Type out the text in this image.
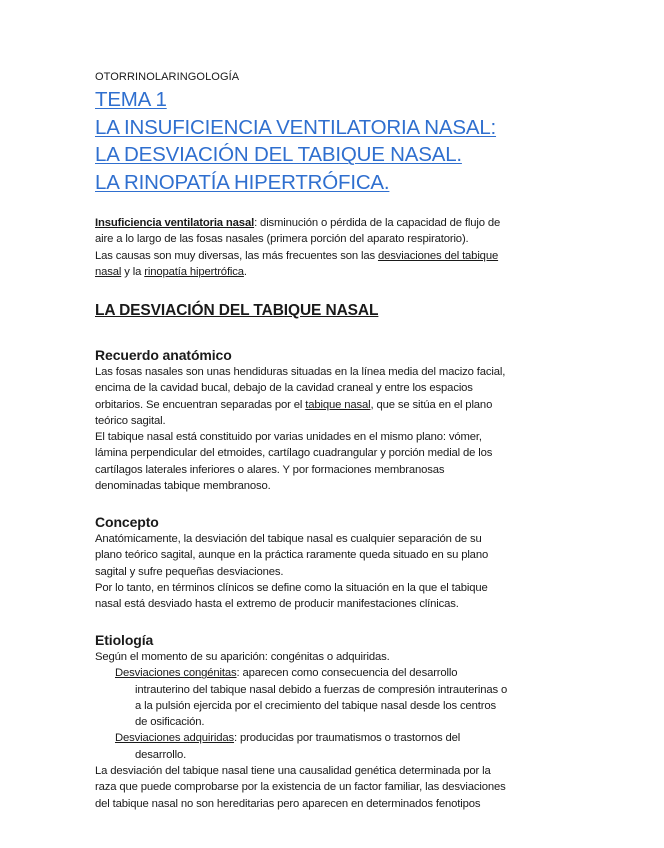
OTORRINOLARINGOLOGÍA
TEMA 1
LA INSUFICIENCIA VENTILATORIA NASAL:
LA DESVIACIÓN DEL TABIQUE NASAL.
LA RINOPATÍA HIPERTRÓFICA.

Insuficiencia ventilatoria nasal: disminución o pérdida de la capacidad de flujo de

aire a lo largo de las fosas nasales (primera porción del aparato respiratorio).

Las causas son muy diversas, las más frecuentes son las desviaciones del tabique

nasal y la rinopatía hipertrófica.

LA DESVIACIÓN DEL TABIQUE NASAL
Recuerdo anatómico

Las fosas nasales son unas hendiduras situadas en la línea media del macizo facial,

encima de la cavidad bucal, debajo de la cavidad craneal y entre los espacios

orbitarios. Se encuentran separadas por el tabique nasal, que se sitúa en el plano

teórico sagital.

El tabique nasal está constituido por varias unidades en el mismo plano: vómer,

lámina perpendicular del etmoides, cartílago cuadrangular y porción medial de los

cartílagos laterales inferiores o alares. Y por formaciones membranosas

denominadas tabique membranoso.

Concepto

Anatómicamente, la desviación del tabique nasal es cualquier separación de su

plano teórico sagital, aunque en la práctica raramente queda situado en su plano

sagital y sufre pequeñas desviaciones.

Por lo tanto, en términos clínicos se define como la situación en la que el tabique

nasal está desviado hasta el extremo de producir manifestaciones clínicas.

Etiología

Según el momento de su aparición: congénitas o adquiridas.

Desviaciones congénitas: aparecen como consecuencia del desarrollo

intrauterino del tabique nasal debido a fuerzas de compresión intrauterinas o

a la pulsión ejercida por el crecimiento del tabique nasal desde los centros

de osificación.

Desviaciones adquiridas: producidas por traumatismos o trastornos del

desarrollo.

La desviación del tabique nasal tiene una causalidad genética determinada por la

raza que puede comprobarse por la existencia de un factor familiar, las desviaciones

del tabique nasal no son hereditarias pero aparecen en determinados fenotipos
